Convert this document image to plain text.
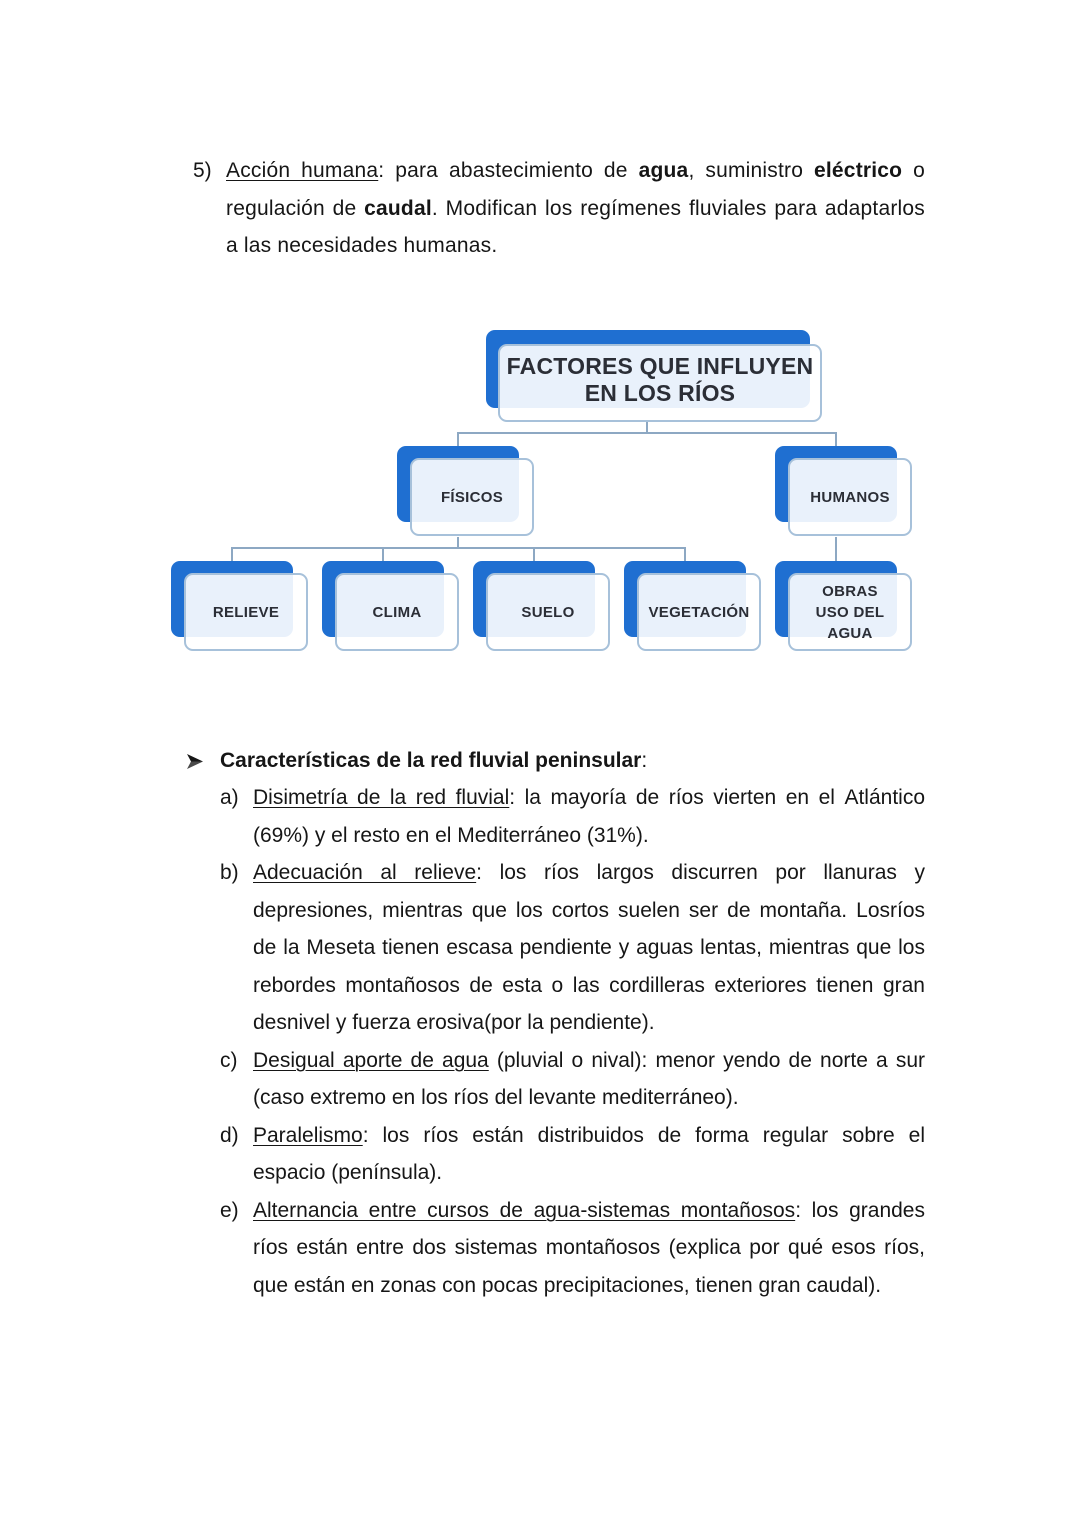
5) Acción humana: para abastecimiento de agua, suministro eléctrico o regulación de caudal. Modifican los regímenes fluviales para adaptarlos a las necesidades humanas.
FACTORES QUE INFLUYEN
EN LOS RÍOS
FÍSICOS	HUMANOS
RELIEVE	CLIMA	SUELO	VEGETACIÓN
OBRAS
USO DEL
AGUA
Características de la red fluvial peninsular:
a) Disimetría de la red fluvial: la mayoría de ríos vierten en el Atlántico (69%) y el resto en el Mediterráneo (31%).
b) Adecuación al relieve: los ríos largos discurren por llanuras y depresiones, mientras que los cortos suelen ser de montaña. Losríos de la Meseta tienen escasa pendiente y aguas lentas, mientras que los rebordes montañosos de esta o las cordilleras exteriores tienen gran desnivel y fuerza erosiva(por la pendiente).
c) Desigual aporte de agua (pluvial o nival): menor yendo de norte a sur (caso extremo en los ríos del levante mediterráneo).
d) Paralelismo: los ríos están distribuidos de forma regular sobre el espacio (península).
e) Alternancia entre cursos de agua-sistemas montañosos: los grandes ríos están entre dos sistemas montañosos (explica por qué esos ríos, que están en zonas con pocas precipitaciones, tienen gran caudal).
